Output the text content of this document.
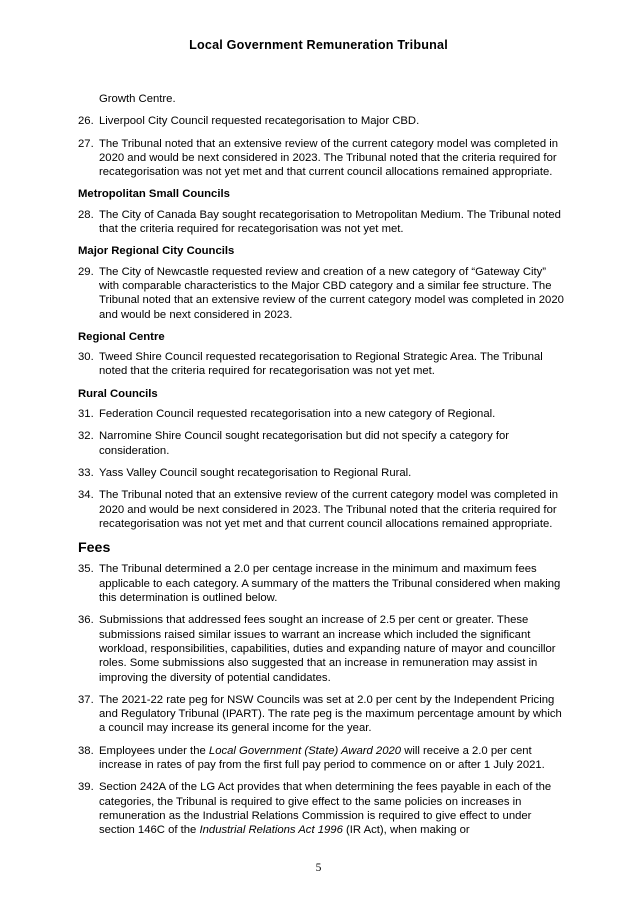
Local Government Remuneration Tribunal
Growth Centre.
26. Liverpool City Council requested recategorisation to Major CBD.
27. The Tribunal noted that an extensive review of the current category model was completed in 2020 and would be next considered in 2023. The Tribunal noted that the criteria required for recategorisation was not yet met and that current council allocations remained appropriate.
Metropolitan Small Councils
28. The City of Canada Bay sought recategorisation to Metropolitan Medium. The Tribunal noted that the criteria required for recategorisation was not yet met.
Major Regional City Councils
29. The City of Newcastle requested review and creation of a new category of “Gateway City” with comparable characteristics to the Major CBD category and a similar fee structure. The Tribunal noted that an extensive review of the current category model was completed in 2020 and would be next considered in 2023.
Regional Centre
30. Tweed Shire Council requested recategorisation to Regional Strategic Area. The Tribunal noted that the criteria required for recategorisation was not yet met.
Rural Councils
31. Federation Council requested recategorisation into a new category of Regional.
32. Narromine Shire Council sought recategorisation but did not specify a category for consideration.
33. Yass Valley Council sought recategorisation to Regional Rural.
34. The Tribunal noted that an extensive review of the current category model was completed in 2020 and would be next considered in 2023. The Tribunal noted that the criteria required for recategorisation was not yet met and that current council allocations remained appropriate.
Fees
35. The Tribunal determined a 2.0 per centage increase in the minimum and maximum fees applicable to each category. A summary of the matters the Tribunal considered when making this determination is outlined below.
36. Submissions that addressed fees sought an increase of 2.5 per cent or greater. These submissions raised similar issues to warrant an increase which included the significant workload, responsibilities, capabilities, duties and expanding nature of mayor and councillor roles. Some submissions also suggested that an increase in remuneration may assist in improving the diversity of potential candidates.
37. The 2021-22 rate peg for NSW Councils was set at 2.0 per cent by the Independent Pricing and Regulatory Tribunal (IPART). The rate peg is the maximum percentage amount by which a council may increase its general income for the year.
38. Employees under the Local Government (State) Award 2020 will receive a 2.0 per cent increase in rates of pay from the first full pay period to commence on or after 1 July 2021.
39. Section 242A of the LG Act provides that when determining the fees payable in each of the categories, the Tribunal is required to give effect to the same policies on increases in remuneration as the Industrial Relations Commission is required to give effect to under section 146C of the Industrial Relations Act 1996 (IR Act), when making or
5
